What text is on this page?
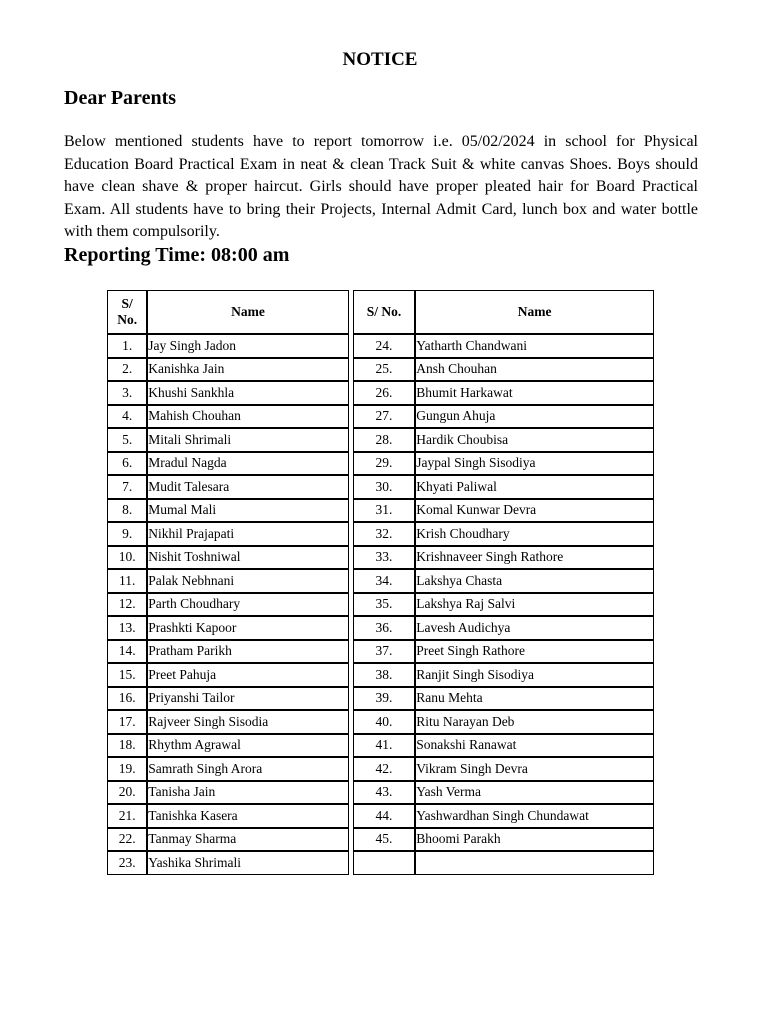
NOTICE
Dear Parents

Below mentioned students have to report tomorrow i.e. 05/02/2024 in school for Physical Education Board Practical Exam in neat & clean Track Suit & white canvas Shoes. Boys should have clean shave & proper haircut. Girls should have proper pleated hair for Board Practical Exam. All students have to bring their Projects, Internal Admit Card, lunch box and water bottle with them compulsorily.

Reporting Time: 08:00 am
S/ No.	Name		S/ No.	Name
1.	Jay Singh Jadon		24.	Yatharth Chandwani
2.	Kanishka Jain		25.	Ansh Chouhan
3.	Khushi Sankhla		26.	Bhumit Harkawat
4.	Mahish Chouhan		27.	Gungun Ahuja
5.	Mitali Shrimali		28.	Hardik Choubisa
6.	Mradul Nagda		29.	Jaypal Singh Sisodiya
7.	Mudit Talesara		30.	Khyati Paliwal
8.	Mumal Mali		31.	Komal Kunwar Devra
9.	Nikhil Prajapati		32.	Krish Choudhary
10.	Nishit Toshniwal		33.	Krishnaveer Singh Rathore
11.	Palak Nebhnani		34.	Lakshya Chasta
12.	Parth Choudhary		35.	Lakshya Raj Salvi
13.	Prashkti Kapoor		36.	Lavesh Audichya
14.	Pratham Parikh		37.	Preet Singh Rathore
15.	Preet Pahuja		38.	Ranjit Singh Sisodiya
16.	Priyanshi Tailor		39.	Ranu Mehta
17.	Rajveer Singh Sisodia		40.	Ritu Narayan Deb
18.	Rhythm Agrawal		41.	Sonakshi Ranawat
19.	Samrath Singh Arora		42.	Vikram Singh Devra
20.	Tanisha Jain		43.	Yash Verma
21.	Tanishka Kasera		44.	Yashwardhan Singh Chundawat
22.	Tanmay Sharma		45.	Bhoomi Parakh
23.	Yashika Shrimali			
